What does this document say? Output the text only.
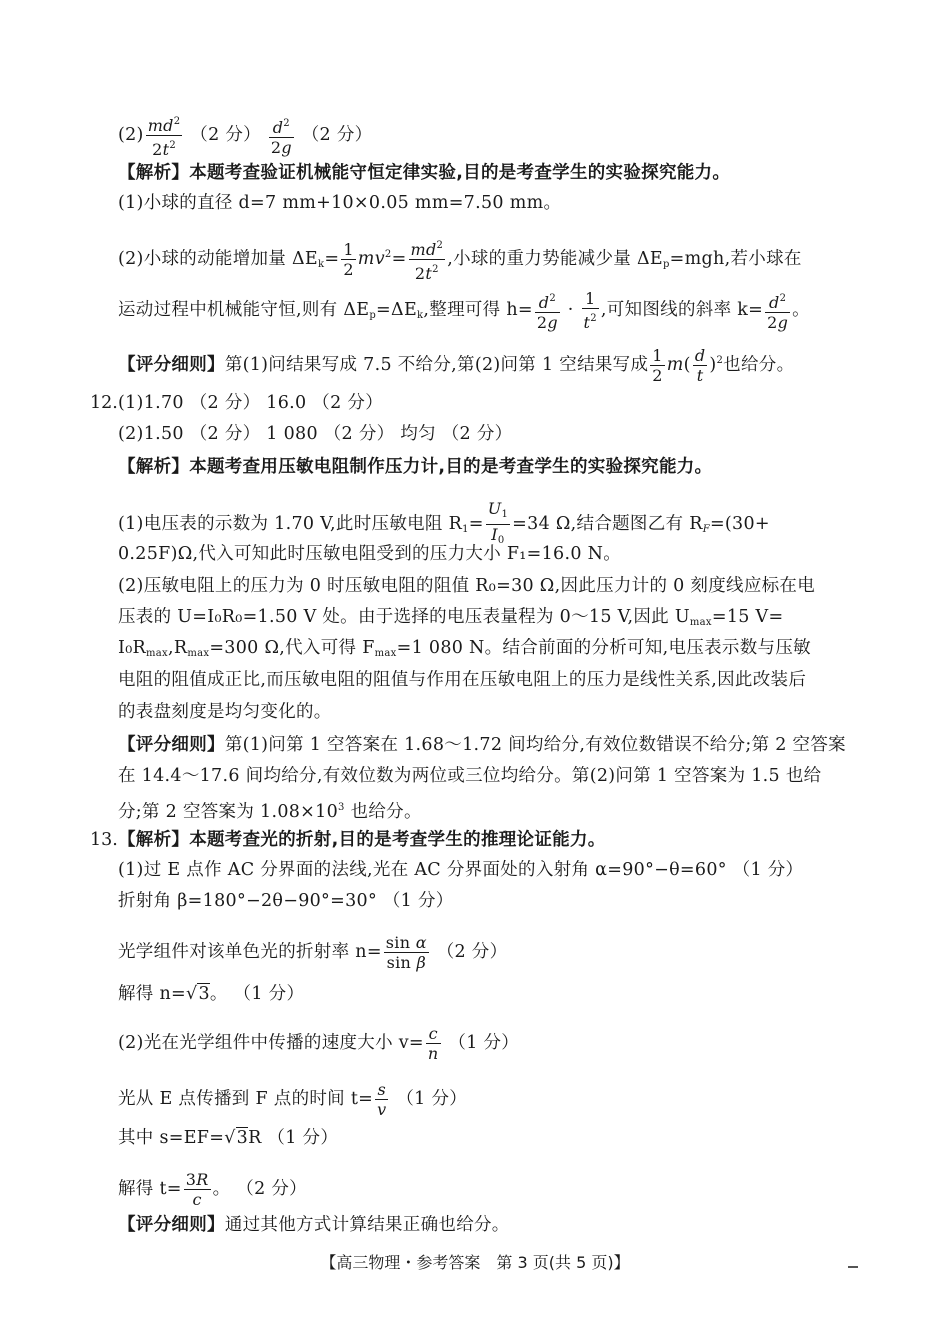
$(2) \frac{md^2}{2t^2} (2$ 分） $\frac{d^2}{2g} (2$ 分）
【解析】本题考查验证机械能守恒定律实验,目的是考查学生的实验探究能力。
(1)小球的直径 d=7 mm+10×0.05 mm=7.50 mm。
(2)小球的动能增加量 $\Delta E_k= \frac{1}{2} mv^2= \frac{md^2}{2t^2}$ ,小球的重力势能减少量 $\Delta E_p=mgh$,若小球在
运动过程中机械能守恒,则有 $\Delta E_p=\Delta E_k$,整理可得 $h= \frac{d^2}{2g} \cdot \frac{1}{t^2}$ ,可知图线的斜率 $k= \frac{d^2}{2g}$ 。
【评分细则】第(1)问结果写成 7.5 不给分,第(2)问第 1 空结果写成 $\frac{1}{2} m( \frac{d}{t} )^2$也给分。
12. (1)1.70 （2 分） 16.0 （2 分）
(2)1.50 （2 分） 1 080 （2 分） 均匀 （2 分）
【解析】本题考查用压敏电阻制作压力计,目的是考查学生的实验探究能力。
(1)电压表的示数为 1.70 V,此时压敏电阻 $R_1= \frac{U_1}{I_0} =34$ Ω,结合题图乙有 $R_F=(30+$
0.25F)Ω,代入可知此时压敏电阻受到的压力大小 F₁=16.0 N。
(2)压敏电阻上的压力为 0 时压敏电阻的阻值 R₀=30 Ω,因此压力计的 0 刻度线应标在电
压表的 U=I₀R₀=1.50 V 处。由于选择的电压表量程为 0～15 V,因此 $U_{max}=15$ V=
$I_0R_{max},R_{max}=300$ Ω,代入可得 $F_{max}=1$ 080 N。结合前面的分析可知,电压表示数与压敏
电阻的阻值成正比,而压敏电阻的阻值与作用在压敏电阻上的压力是线性关系,因此改装后
的表盘刻度是均匀变化的。
【评分细则】第(1)问第 1 空答案在 1.68～1.72 间均给分,有效位数错误不给分;第 2 空答案
在 14.4～17.6 间均给分,有效位数为两位或三位均给分。第(2)问第 1 空答案为 1.5 也给
分;第 2 空答案为 $1.08\times 10^3$ 也给分。
13. 【解析】本题考查光的折射,目的是考查学生的推理论证能力。
(1)过 E 点作 AC 分界面的法线,光在 AC 分界面处的入射角 α=90°−θ=60° （1 分）
折射角 β=180°−2θ−90°=30° （1 分）
光学组件对该单色光的折射率 $n= \frac{\text{sin α}}{\text{sin β}} (2$ 分）
解得 n=√3。 （1 分）
(2)光在光学组件中传播的速度大小 $v= \frac{c}{n} (1$ 分）
光从 E 点传播到 F 点的时间 $t= \frac{s}{v} (1$ 分）
其中 s=EF=√3R （1 分）
解得 $t= \frac{3R}{c}$ 。 （2 分）
【评分细则】通过其他方式计算结果正确也给分。
【高三物理・参考答案　第 3 页(共 5 页)】
